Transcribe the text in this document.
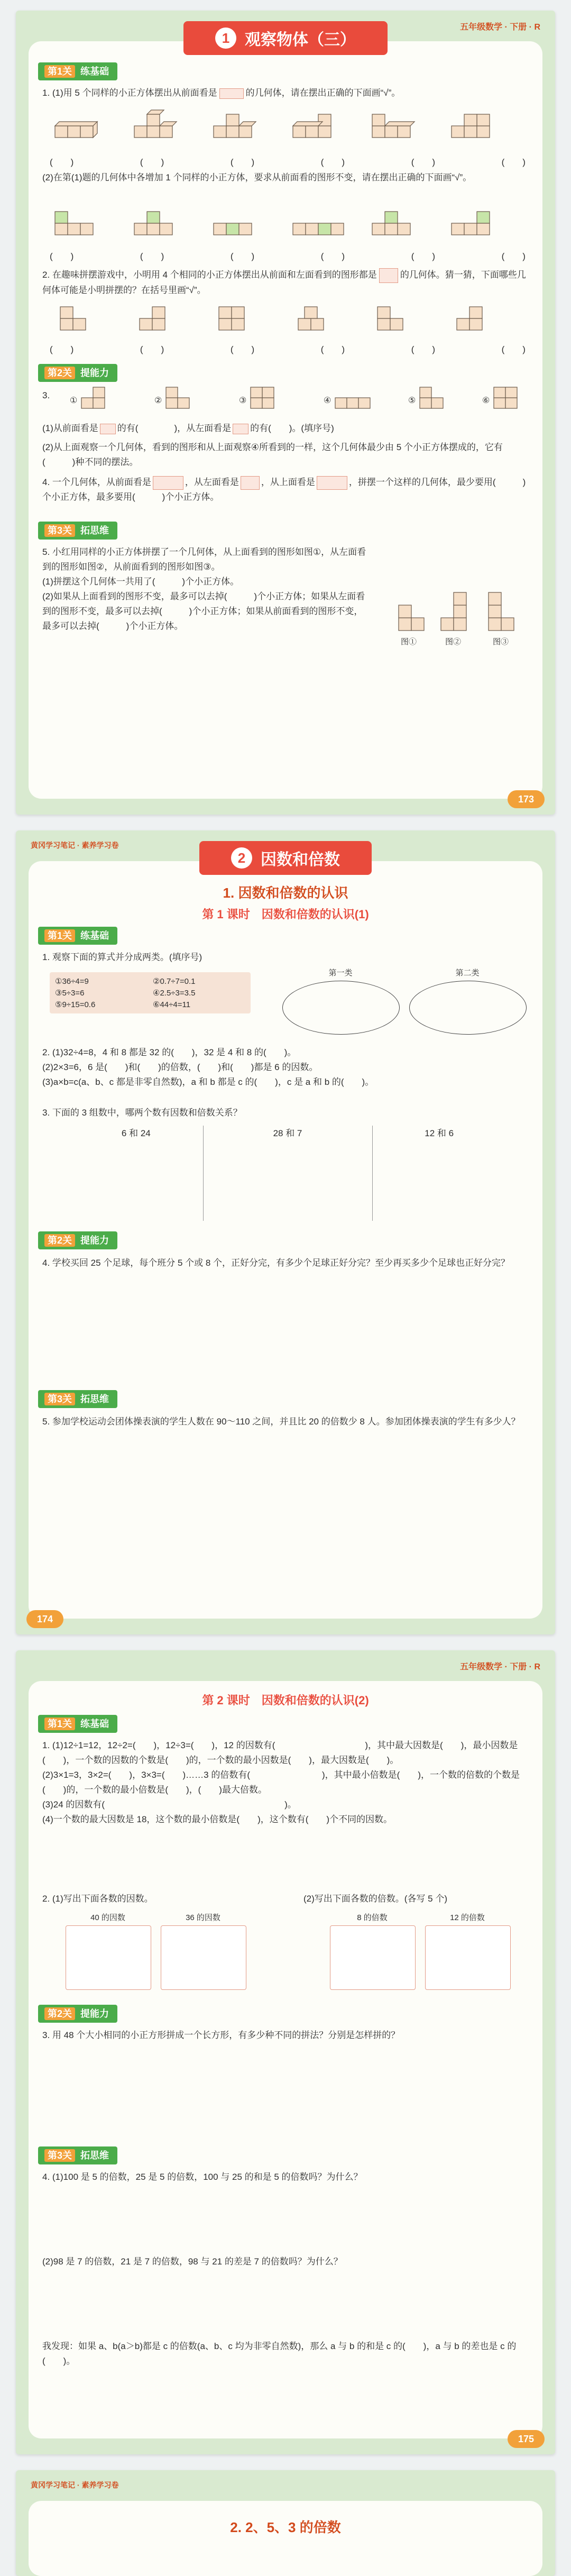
五年级数学 · 下册 · R
1 观察物体（三）
第1关 练基础
1. (1)用 5 个同样的小正方体摆出从前面看是	的几何体，请在摆出正确的下面画“√”。
(　　)	(　　)	(　　)	(　　)	(　　)	(　　)
(2)在第(1)题的几何体中各增加 1 个同样的小正方体，要求从前面看的图形不变，请在摆出正确的下面画“√”。
(　　)	(　　)	(　　)	(　　)	(　　)	(　　)
2. 在趣味拼摆游戏中，小明用 4 个相同的小正方体摆出从前面和左面看到的图形都是	的几何体。猜一猜，下面哪些几何体可能是小明拼摆的？在括号里画“√”。
(　　)	(　　)	(　　)	(　　)	(　　)	(　　)
第2关 提能力
3.
①	②	③	④	⑤	⑥
(1)从前面看是 的有(　　　　)，从左面看是 的有(　　)。(填序号)
(2)从上面观察一个几何体，看到的图形和从上面观察④所看到的一样，这个几何体最少由 5 个小正方体摆成的，它有(　　　)种不同的摆法。
4. 一个几何体，从前面看是	，从左面看是 ，从上面看是	，拼摆一个这样的几何体，最少要用(　　　)个小正方体，最多要用(　　　)个小正方体。
第3关 拓思维
5. 小红用同样的小正方体拼摆了一个几何体，从上面看到的图形如图①，从左面看到的图形如图②，从前面看到的图形如图③。
(1)拼摆这个几何体一共用了(　　　)个小正方体。
(2)如果从上面看到的图形不变，最多可以去掉(　　　)个小正方体；如果从左面看到的图形不变，最多可以去掉(　　　)个小正方体；如果从前面看到的图形不变，最多可以去掉(　　　)个小正方体。
图①	图②	图③
173
黄冈学习笔记 · 素养学习卷
2 因数和倍数
1. 因数和倍数的认识
第 1 课时　因数和倍数的认识(1)
第1关 练基础
1. 观察下面的算式并分成两类。(填序号)
①36÷4=9	②0.7÷7=0.1
③5÷3=6	④2.5÷3=3.5
⑤9÷15=0.6	⑥44÷4=11
第一类	第二类
2. (1)32÷4=8，4 和 8 都是 32 的(　　)，32 是 4 和 8 的(　　)。
(2)2×3=6，6 是(　　)和(　　)的倍数，(　　)和(　　)都是 6 的因数。
(3)a×b=c(a、b、c 都是非零自然数)，a 和 b 都是 c 的(　　)，c 是 a 和 b 的(　　)。
3. 下面的 3 组数中，哪两个数有因数和倍数关系？
6 和 24	28 和 7	12 和 6
第2关 提能力
4. 学校买回 25 个足球，每个班分 5 个或 8 个，正好分完，有多少个足球正好分完？至少再买多少个足球也正好分完？
第3关 拓思维
5. 参加学校运动会团体操表演的学生人数在 90～110 之间，并且比 20 的倍数少 8 人。参加团体操表演的学生有多少人？
174
五年级数学 · 下册 · R
第 2 课时　因数和倍数的认识(2)
第1关 练基础
1. (1)12÷1=12，12÷2=(　　)，12÷3=(　　)，12 的因数有(　　　　　　　　　　)，其中最大因数是(　　)，最小因数是(　　)，一个数的因数的个数是(　　)的，一个数的最小因数是(　　)，最大因数是(　　)。
(2)3×1=3，3×2=(　　)，3×3=(　　)……3 的倍数有(　　　　　　　　)，其中最小倍数是(　　)，一个数的倍数的个数是(　　)的，一个数的最小倍数是(　　)，(　　)最大倍数。
(3)24 的因数有(　　　　　　　　　　　　　　　　　　　　)。
(4)一个数的最大因数是 18，这个数的最小倍数是(　　)，这个数有(　　)个不同的因数。
2. (1)写出下面各数的因数。	(2)写出下面各数的倍数。(各写 5 个)
40 的因数	36 的因数	8 的倍数	12 的倍数
第2关 提能力
3. 用 48 个大小相同的小正方形拼成一个长方形，有多少种不同的拼法？分别是怎样拼的？
第3关 拓思维
4. (1)100 是 5 的倍数，25 是 5 的倍数，100 与 25 的和是 5 的倍数吗？为什么？
(2)98 是 7 的倍数，21 是 7 的倍数，98 与 21 的差是 7 的倍数吗？为什么？
我发现：如果 a、b(a＞b)都是 c 的倍数(a、b、c 均为非零自然数)，那么 a 与 b 的和是 c 的(　　)，a 与 b 的差也是 c 的(　　)。
175
黄冈学习笔记 · 素养学习卷
2. 2、5、3 的倍数
